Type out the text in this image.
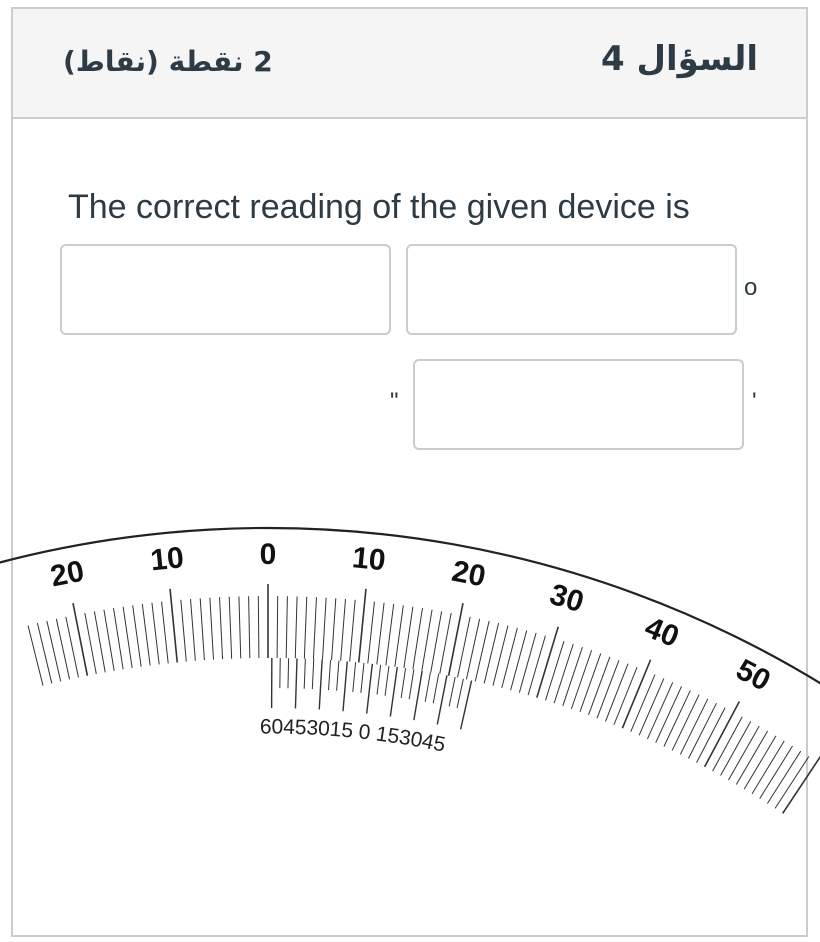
السؤال 4
2 نقطة (نقاط)
The correct reading of the given device is
o
"	'
20 10 0 10 20
30
40
50
60 45
30
15 0 15
30
45
